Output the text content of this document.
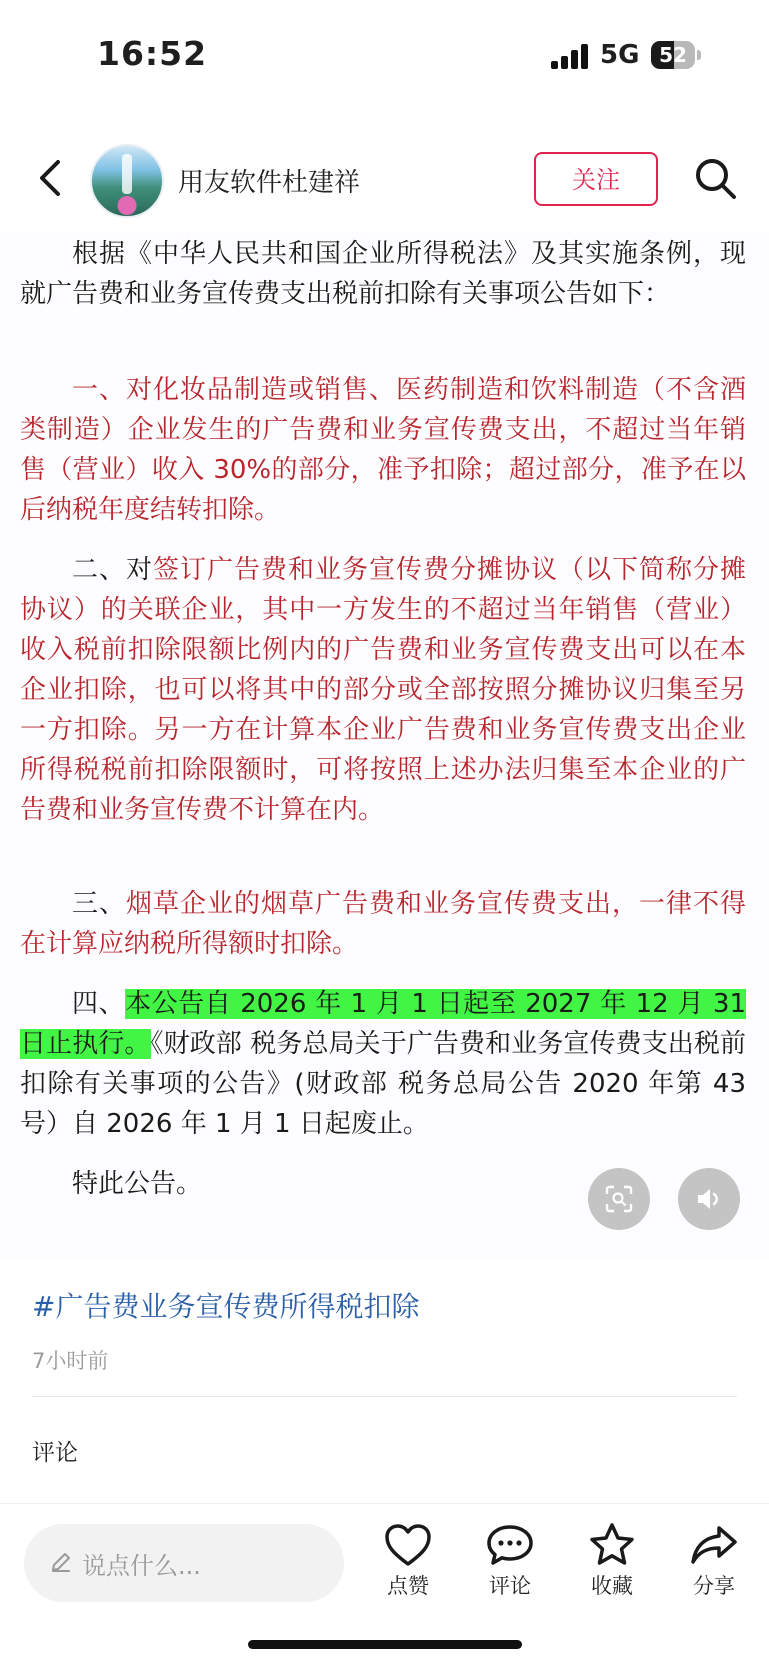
16:52	5G 52
用友软件杜建祥	关注

根据《中华人民共和国企业所得税法》及其实施条例，现就广告费和业务宣传费支出税前扣除有关事项公告如下：

一、对化妆品制造或销售、医药制造和饮料制造（不含酒类制造）企业发生的广告费和业务宣传费支出，不超过当年销售（营业）收入 30%的部分，准予扣除；超过部分，准予在以后纳税年度结转扣除。

二、对签订广告费和业务宣传费分摊协议（以下简称分摊协议）的关联企业，其中一方发生的不超过当年销售（营业）收入税前扣除限额比例内的广告费和业务宣传费支出可以在本企业扣除，也可以将其中的部分或全部按照分摊协议归集至另一方扣除。另一方在计算本企业广告费和业务宣传费支出企业所得税税前扣除限额时，可将按照上述办法归集至本企业的广告费和业务宣传费不计算在内。

三、烟草企业的烟草广告费和业务宣传费支出，一律不得在计算应纳税所得额时扣除。

四、本公告自 2026 年 1 月 1 日起至 2027 年 12 月 31 日止执行。《财政部 税务总局关于广告费和业务宣传费支出税前扣除有关事项的公告》(财政部 税务总局公告 2020 年第 43 号）自 2026 年 1 月 1 日起废止。

特此公告。

#广告费业务宣传费所得税扣除
7小时前
评论
说点什么...
点赞	评论	收藏	分享
